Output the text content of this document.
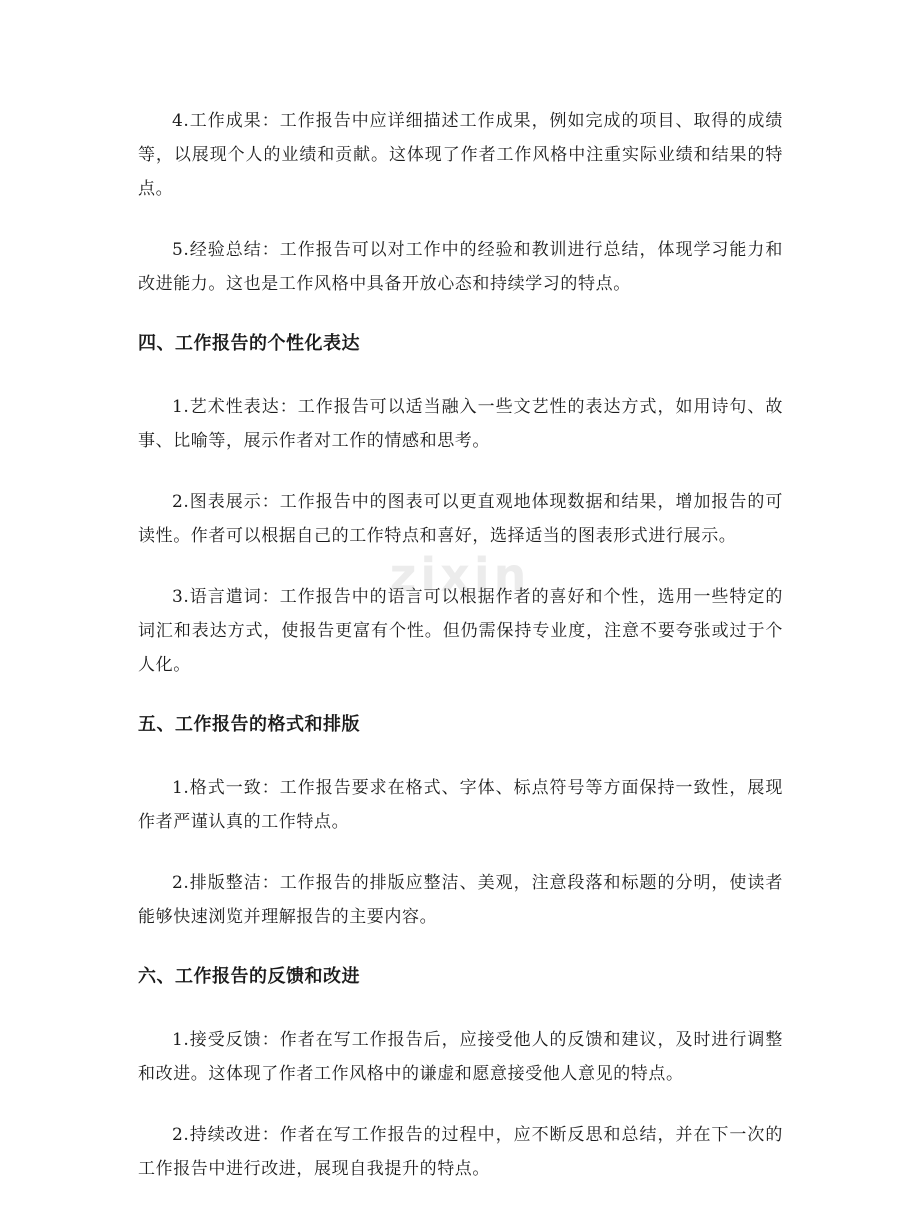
zixin

4.工作成果：工作报告中应详细描述工作成果，例如完成的项目、取得的成绩等，以展现个人的业绩和贡献。这体现了作者工作风格中注重实际业绩和结果的特点。

5.经验总结：工作报告可以对工作中的经验和教训进行总结，体现学习能力和改进能力。这也是工作风格中具备开放心态和持续学习的特点。

四、工作报告的个性化表达

1.艺术性表达：工作报告可以适当融入一些文艺性的表达方式，如用诗句、故事、比喻等，展示作者对工作的情感和思考。

2.图表展示：工作报告中的图表可以更直观地体现数据和结果，增加报告的可读性。作者可以根据自己的工作特点和喜好，选择适当的图表形式进行展示。

3.语言遣词：工作报告中的语言可以根据作者的喜好和个性，选用一些特定的词汇和表达方式，使报告更富有个性。但仍需保持专业度，注意不要夸张或过于个人化。

五、工作报告的格式和排版

1.格式一致：工作报告要求在格式、字体、标点符号等方面保持一致性，展现作者严谨认真的工作特点。

2.排版整洁：工作报告的排版应整洁、美观，注意段落和标题的分明，使读者能够快速浏览并理解报告的主要内容。

六、工作报告的反馈和改进

1.接受反馈：作者在写工作报告后，应接受他人的反馈和建议，及时进行调整和改进。这体现了作者工作风格中的谦虚和愿意接受他人意见的特点。

2.持续改进：作者在写工作报告的过程中，应不断反思和总结，并在下一次的工作报告中进行改进，展现自我提升的特点。
